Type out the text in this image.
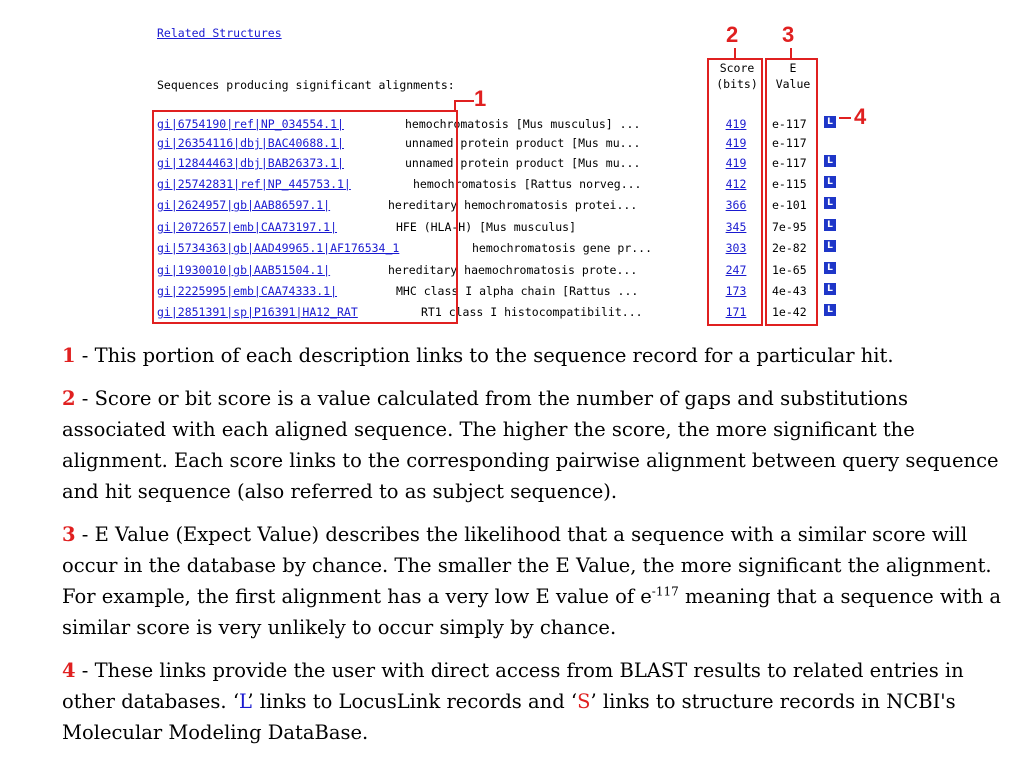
Related Structures
Sequences producing significant alignments:
Score
(bits)
E
Value
gi|6754190|ref|NP_034554.1|	hemochromatosis [Mus musculus] ...	419	e-117	L
gi|26354116|dbj|BAC40688.1|	unnamed protein product [Mus mu...	419	e-117
gi|12844463|dbj|BAB26373.1|	unnamed protein product [Mus mu...	419	e-117	L
gi|25742831|ref|NP_445753.1|	hemochromatosis [Rattus norveg...	412	e-115	L
gi|2624957|gb|AAB86597.1|	hereditary hemochromatosis protei...	366	e-101	L
gi|2072657|emb|CAA73197.1|	HFE (HLA-H) [Mus musculus]	345	7e-95	L
gi|5734363|gb|AAD49965.1|AF176534_1	hemochromatosis gene pr...	303	2e-82	L
gi|1930010|gb|AAB51504.1|	hereditary haemochromatosis prote...	247	1e-65	L
gi|2225995|emb|CAA74333.1|	MHC class I alpha chain [Rattus ...	173	4e-43	L
gi|2851391|sp|P16391|HA12_RAT	RT1 class I histocompatibilit...	171	1e-42	L
1
2 3
4

1 - This portion of each description links to the sequence record for a particular hit.

2 - Score or bit score is a value calculated from the number of gaps and substitutions associated with each aligned sequence. The higher the score, the more significant the alignment. Each score links to the corresponding pairwise alignment between query sequence and hit sequence (also referred to as subject sequence).

3 - E Value (Expect Value) describes the likelihood that a sequence with a similar score will occur in the database by chance. The smaller the E Value, the more significant the alignment. For example, the first alignment has a very low E value of $e^{-117}$ meaning that a sequence with a similar score is very unlikely to occur simply by chance.

4 - These links provide the user with direct access from BLAST results to related entries in other databases. ‘L’ links to LocusLink records and ‘S’ links to structure records in NCBI's Molecular Modeling DataBase.
